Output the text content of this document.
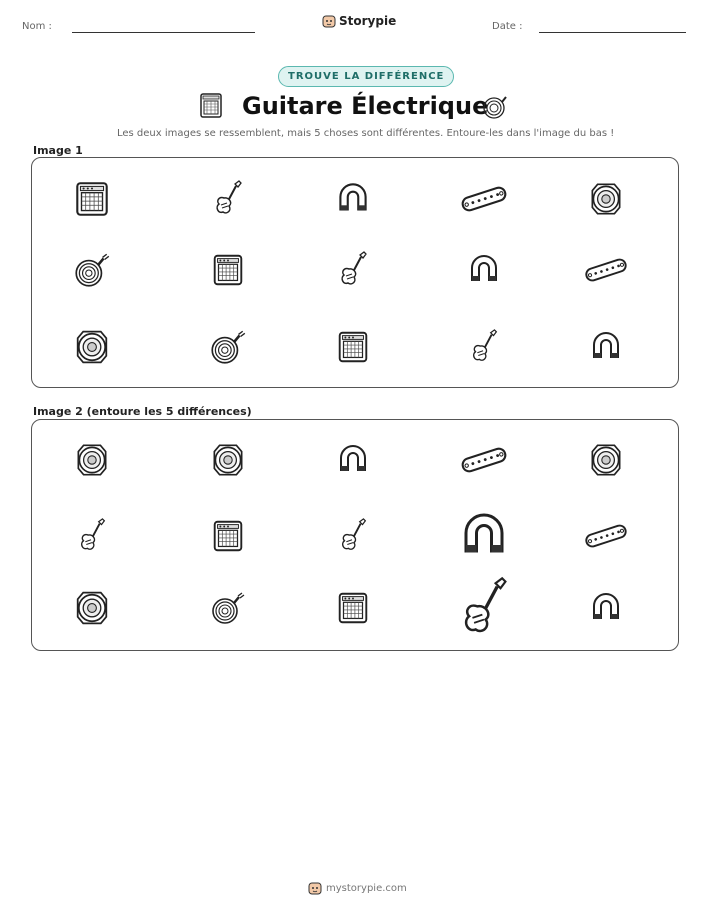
Nom :	Storypie	Date :
TROUVE LA DIFFÉRENCE
Guitare Électrique
Les deux images se ressemblent, mais 5 choses sont différentes. Entoure-les dans l'image du bas !
Image 1
Image 2 (entoure les 5 différences)
mystorypie.com
